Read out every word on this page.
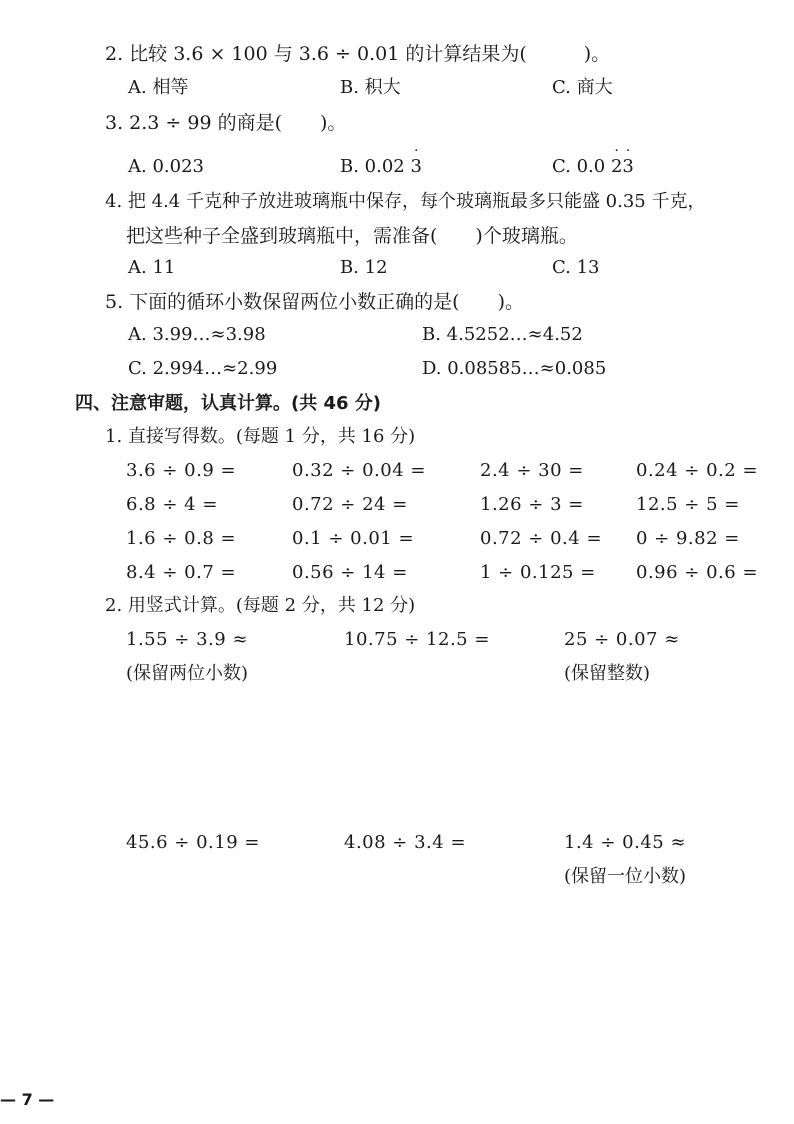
2. 比较 3.6 × 100 与 3.6 ÷ 0.01 的计算结果为(　　　)。
A. 相等	B. 积大	C. 商大
3. 2.3 ÷ 99 的商是(　　)。
A. 0.023	B. 0.02
·
3	C. 0.0
·
2
·
3
4. 把 4.4 千克种子放进玻璃瓶中保存，每个玻璃瓶最多只能盛 0.35 千克，
把这些种子全盛到玻璃瓶中，需准备(　　)个玻璃瓶。
A. 11	B. 12	C. 13
5. 下面的循环小数保留两位小数正确的是(　　)。
A. 3.99…≈3.98	B. 4.5252…≈4.52
C. 2.994…≈2.99	D. 0.08585…≈0.085
四、注意审题，认真计算。(共 46 分)
1. 直接写得数。(每题 1 分，共 16 分)
3.6 ÷ 0.9 =	0.32 ÷ 0.04 =	2.4 ÷ 30 =	0.24 ÷ 0.2 =
6.8 ÷ 4 =	0.72 ÷ 24 =	1.26 ÷ 3 =	12.5 ÷ 5 =
1.6 ÷ 0.8 =	0.1 ÷ 0.01 =	0.72 ÷ 0.4 = 0 ÷ 9.82 =
8.4 ÷ 0.7 =	0.56 ÷ 14 =	1 ÷ 0.125 = 0.96 ÷ 0.6 =
2. 用竖式计算。(每题 2 分，共 12 分)
1.55 ÷ 3.9 ≈	10.75 ÷ 12.5 =	25 ÷ 0.07 ≈
(保留两位小数)	(保留整数)
45.6 ÷ 0.19 =	4.08 ÷ 3.4 =	1.4 ÷ 0.45 ≈
(保留一位小数)
— 7 —
